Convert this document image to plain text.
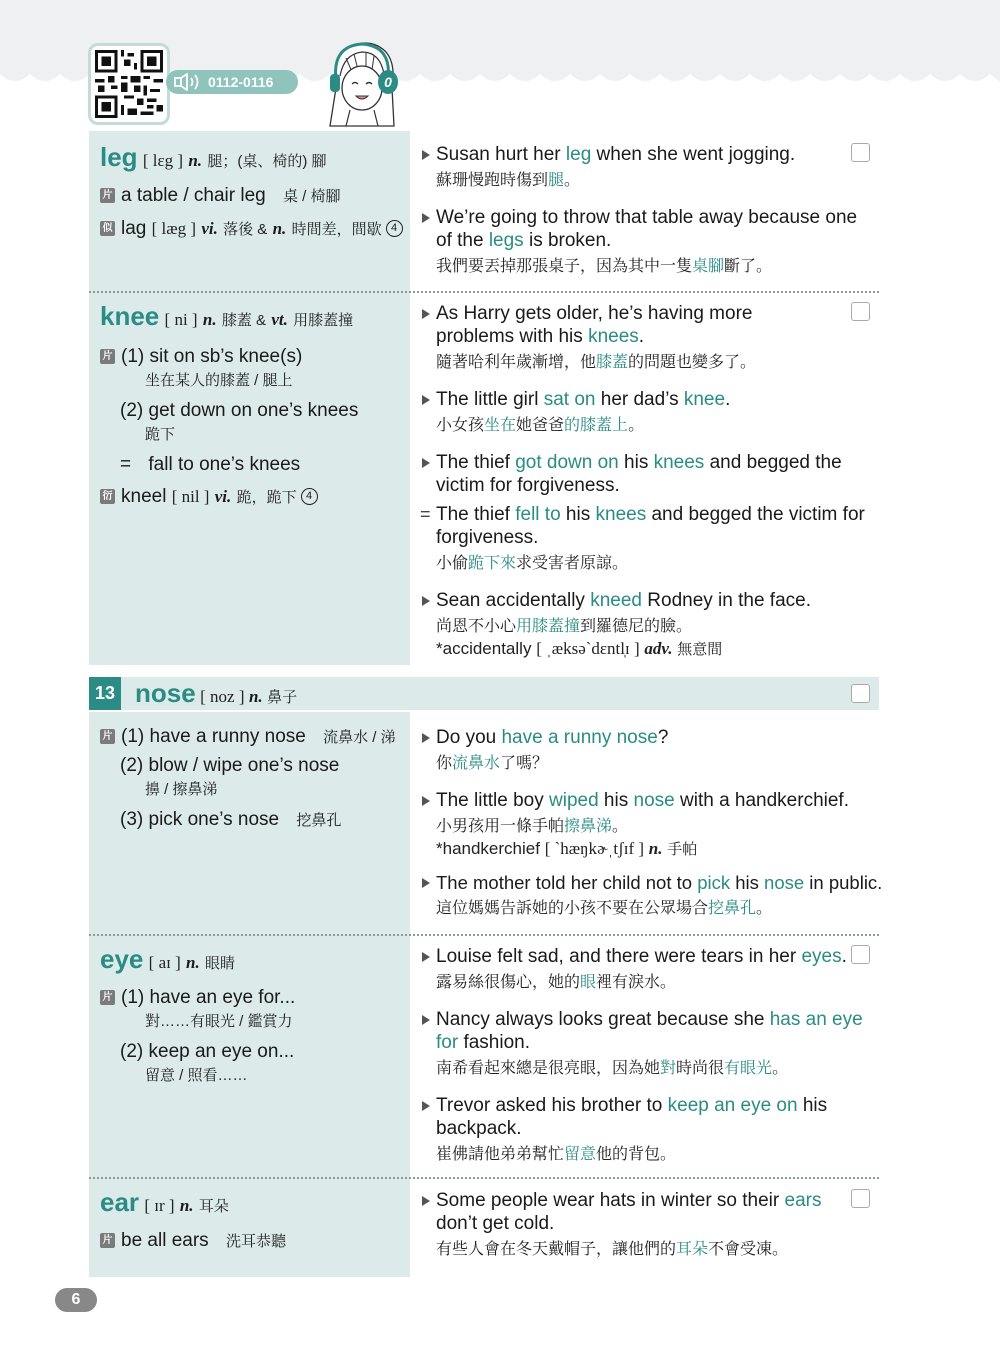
0112-0116	0
leg [ lɛg ] n. 腿；(桌、椅的) 腳
片 a table / chair leg 桌 / 椅腳
似 lag [ læg ] vi. 落後 & n. 時間差，間歇 4
Susan hurt her leg when she went jogging.
蘇珊慢跑時傷到腿。
We’re going to throw that table away because one of the legs is broken.
我們要丟掉那張桌子，因為其中一隻桌腳斷了。
knee [ ni ] n. 膝蓋 & vt. 用膝蓋撞
片 (1) sit on sb’s knee(s)
坐在某人的膝蓋 / 腿上
(2) get down on one’s knees
跪下
= fall to one’s knees
衍 kneel [ nil ] vi. 跪，跪下 4
As Harry gets older, he’s having more problems with his knees.
隨著哈利年歲漸增，他膝蓋的問題也變多了。
The little girl sat on her dad’s knee.
小女孩坐在她爸爸的膝蓋上。
The thief got down on his knees and begged the victim for forgiveness.
= The thief fell to his knees and begged the victim for forgiveness.
小偷跪下來求受害者原諒。
Sean accidentally kneed Rodney in the face.
尚恩不小心用膝蓋撞到羅德尼的臉。
*accidentally [ ˌæksəˋdɛntl̩ɪ ] adv. 無意間
13 nose [ noz ] n. 鼻子
片 (1) have a runny nose 流鼻水 / 涕
(2) blow / wipe one’s nose
擤 / 擦鼻涕
(3) pick one’s nose 挖鼻孔
Do you have a runny nose?
你流鼻水了嗎？
The little boy wiped his nose with a handkerchief.
小男孩用一條手帕擦鼻涕。
*handkerchief [ ˋhæŋkɚˌtʃɪf ] n. 手帕
The mother told her child not to pick his nose in public.
這位媽媽告訴她的小孩不要在公眾場合挖鼻孔。
eye [ aɪ ] n. 眼睛
片 (1) have an eye for...
對……有眼光 / 鑑賞力
(2) keep an eye on...
留意 / 照看……
Louise felt sad, and there were tears in her eyes.
露易絲很傷心，她的眼裡有淚水。
Nancy always looks great because she has an eye for fashion.
南希看起來總是很亮眼，因為她對時尚很有眼光。
Trevor asked his brother to keep an eye on his backpack.
崔佛請他弟弟幫忙留意他的背包。
ear [ ɪr ] n. 耳朵
片 be all ears 洗耳恭聽
Some people wear hats in winter so their ears don’t get cold.
有些人會在冬天戴帽子，讓他們的耳朵不會受凍。
6
